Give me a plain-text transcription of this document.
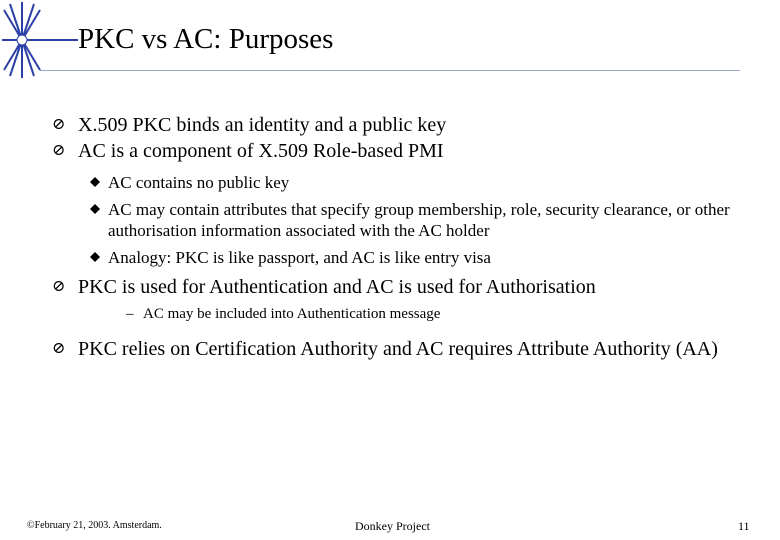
PKC vs AC: Purposes
⊘ X.509 PKC binds an identity and a public key
⊘ AC is a component of X.509 Role-based PMI
AC contains no public key
AC may contain attributes that specify group membership, role, security clearance, or other authorisation information associated with the AC holder
Analogy: PKC is like passport, and AC is like entry visa
⊘ PKC is used for Authentication and AC is used for Authorisation
– AC may be included into Authentication message
⊘ PKC relies on Certification Authority and AC requires Attribute Authority (AA)
©February 21, 2003. Amsterdam.	Donkey Project	11
